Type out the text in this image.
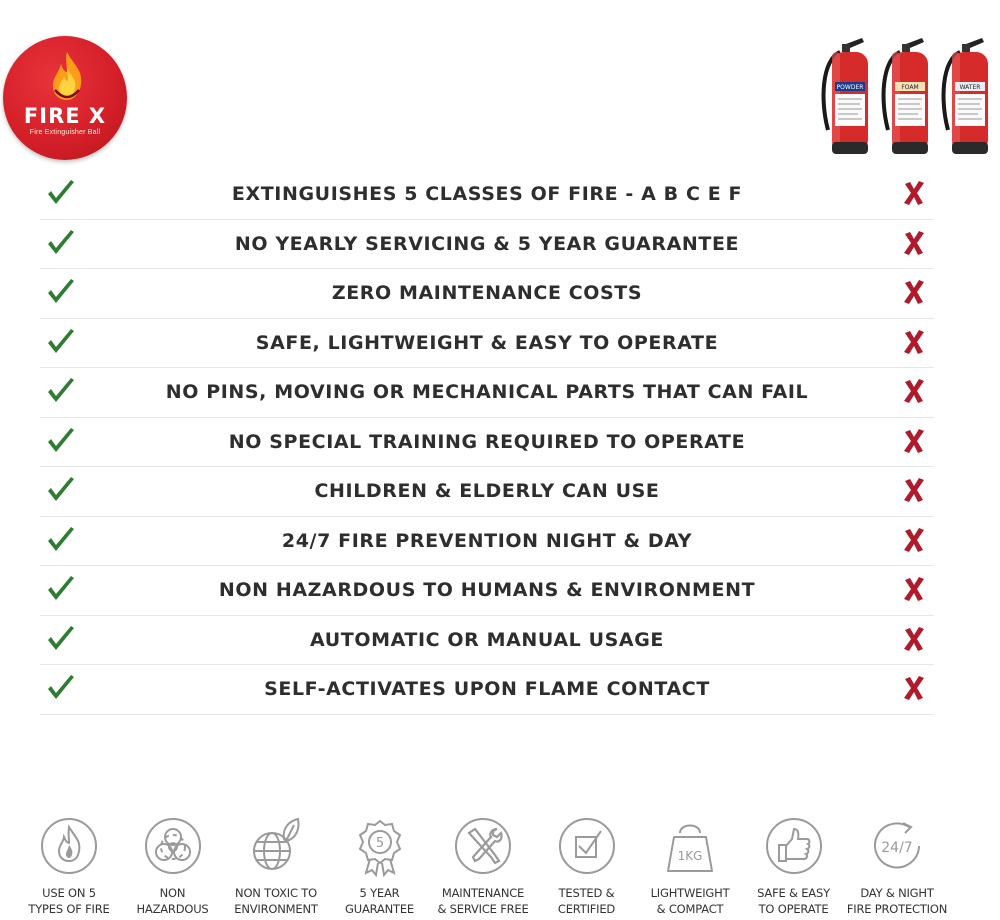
FIRE X
Fire Extinguisher Ball
POWDER	FOAM	WATER
EXTINGUISHES 5 CLASSES OF FIRE - A B C E F
NO YEARLY SERVICING & 5 YEAR GUARANTEE
ZERO MAINTENANCE COSTS
SAFE, LIGHTWEIGHT & EASY TO OPERATE
NO PINS, MOVING OR MECHANICAL PARTS THAT CAN FAIL
NO SPECIAL TRAINING REQUIRED TO OPERATE
CHILDREN & ELDERLY CAN USE
24/7 FIRE PREVENTION NIGHT & DAY
NON HAZARDOUS TO HUMANS & ENVIRONMENT
AUTOMATIC OR MANUAL USAGE
SELF-ACTIVATES UPON FLAME CONTACT
USE ON 5
TYPES OF FIRE
NON
HAZARDOUS
NON TOXIC TO
ENVIRONMENT
5
5 YEAR
GUARANTEE
MAINTENANCE
& SERVICE FREE
TESTED &
CERTIFIED
1KG
LIGHTWEIGHT
& COMPACT
SAFE & EASY
TO OPERATE
24/7
DAY & NIGHT
FIRE PROTECTION
